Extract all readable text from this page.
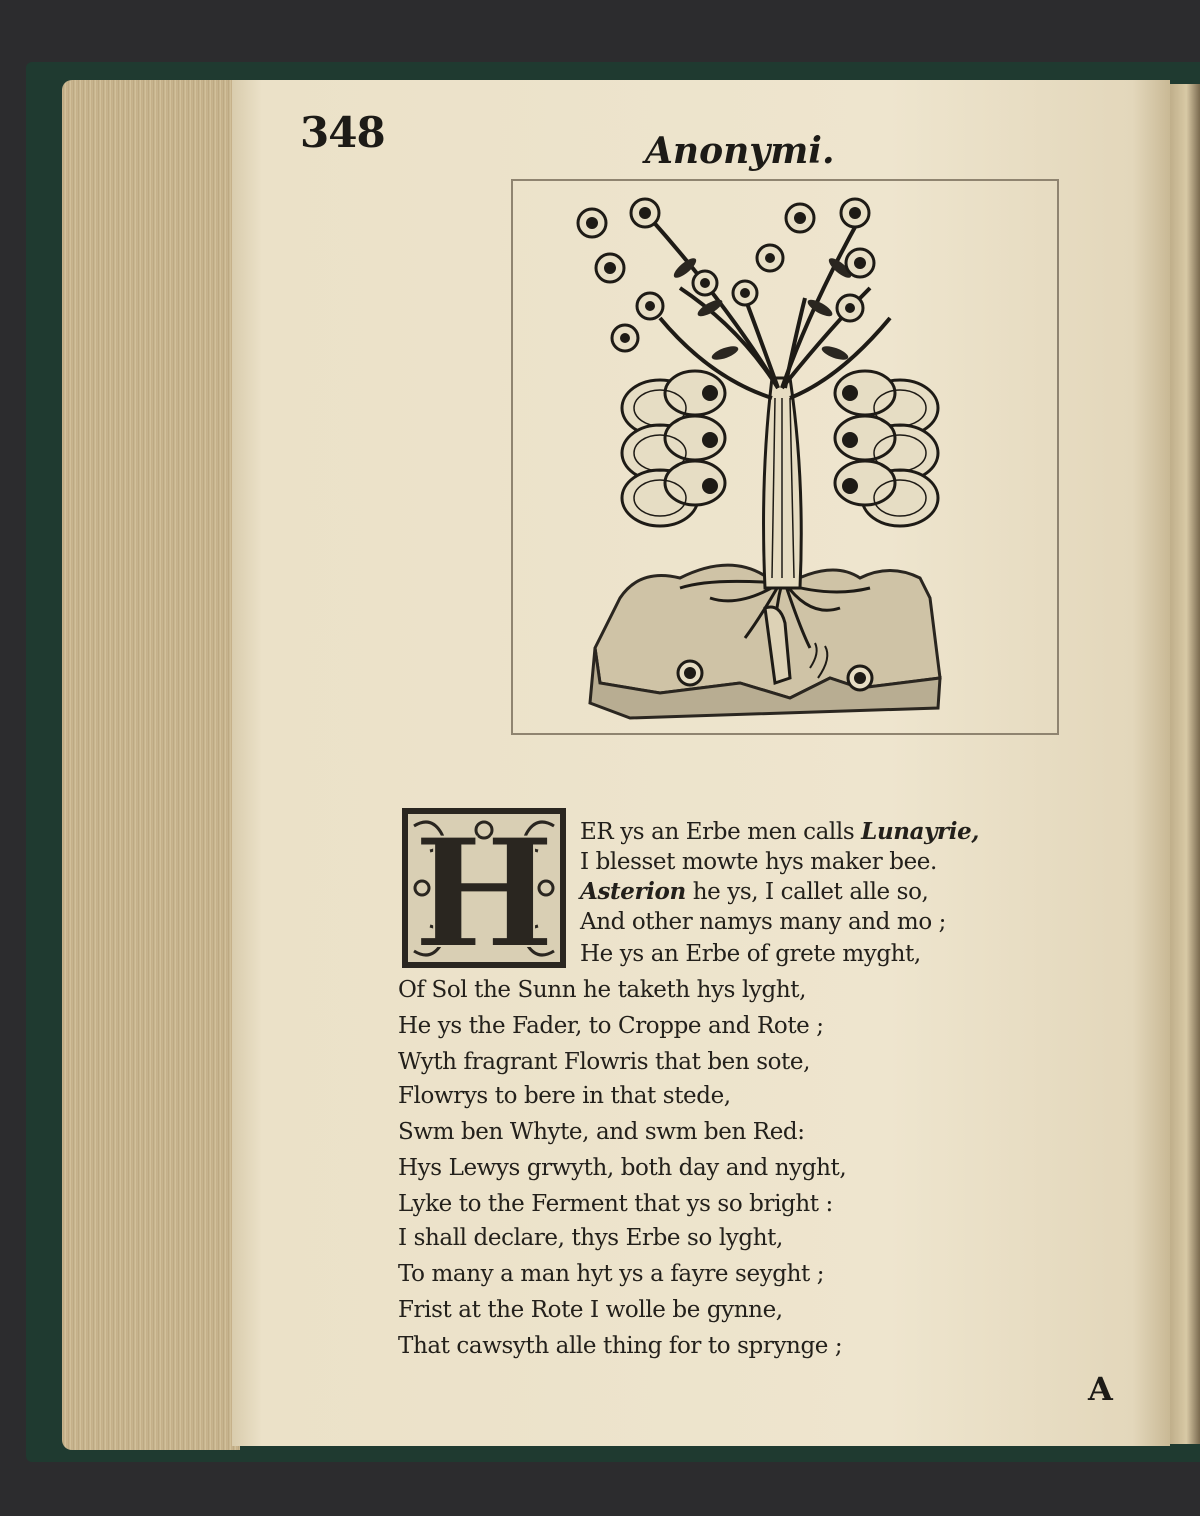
348	Anonymi.
H ER ys an Erbe men calls Lunayrie,
I blesset mowte hys maker bee.
Asterion he ys, I callet alle so,
And other namys many and mo ;
He ys an Erbe of grete myght,
Of Sol the Sunn he taketh hys lyght,
He ys the Fader, to Croppe and Rote ;
Wyth fragrant Flowris that ben sote,
Flowrys to bere in that stede,
Swm ben Whyte, and swm ben Red:
Hys Lewys grwyth, both day and nyght,
Lyke to the Ferment that ys so bright :
I shall declare, thys Erbe so lyght,
To many a man hyt ys a fayre seyght ;
Frist at the Rote I wolle be gynne,
That cawsyth alle thing for to sprynge ;
A
